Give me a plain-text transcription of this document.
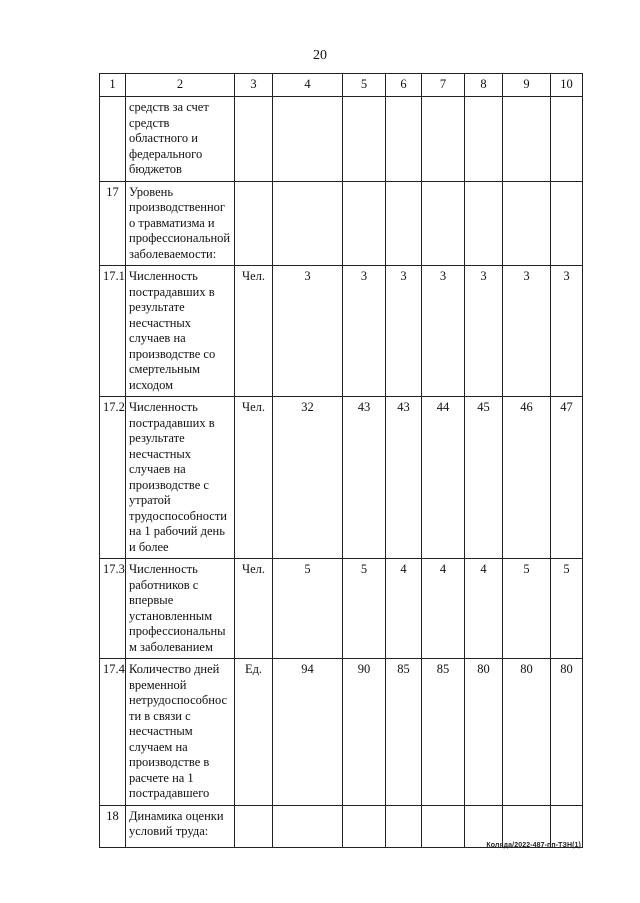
20
1	2	3	4	5	6	7	8	9	10
	средств за счет средств областного и федерального бюджетов								
17	Уровень производственног о травматизма и профессиональной заболеваемости:								
17.1	Численность пострадавших в результате несчастных случаев на производстве со смертельным исходом	Чел.	3	3	3	3	3	3	3
17.2	Численность пострадавших в результате несчастных случаев на производстве с утратой трудоспособности на 1 рабочий день и более	Чел.	32	43	43	44	45	46	47
17.3	Численность работников с впервые установленным профессиональны м заболеванием	Чел.	5	5	4	4	4	5	5
17.4	Количество дней временной нетрудоспособнос ти в связи с несчастным случаем на производстве в расчете на 1 пострадавшего	Ед.	94	90	85	85	80	80	80
18	Динамика оценки условий труда:								
Коляда/2022-487-пп-ТЗН(1)
